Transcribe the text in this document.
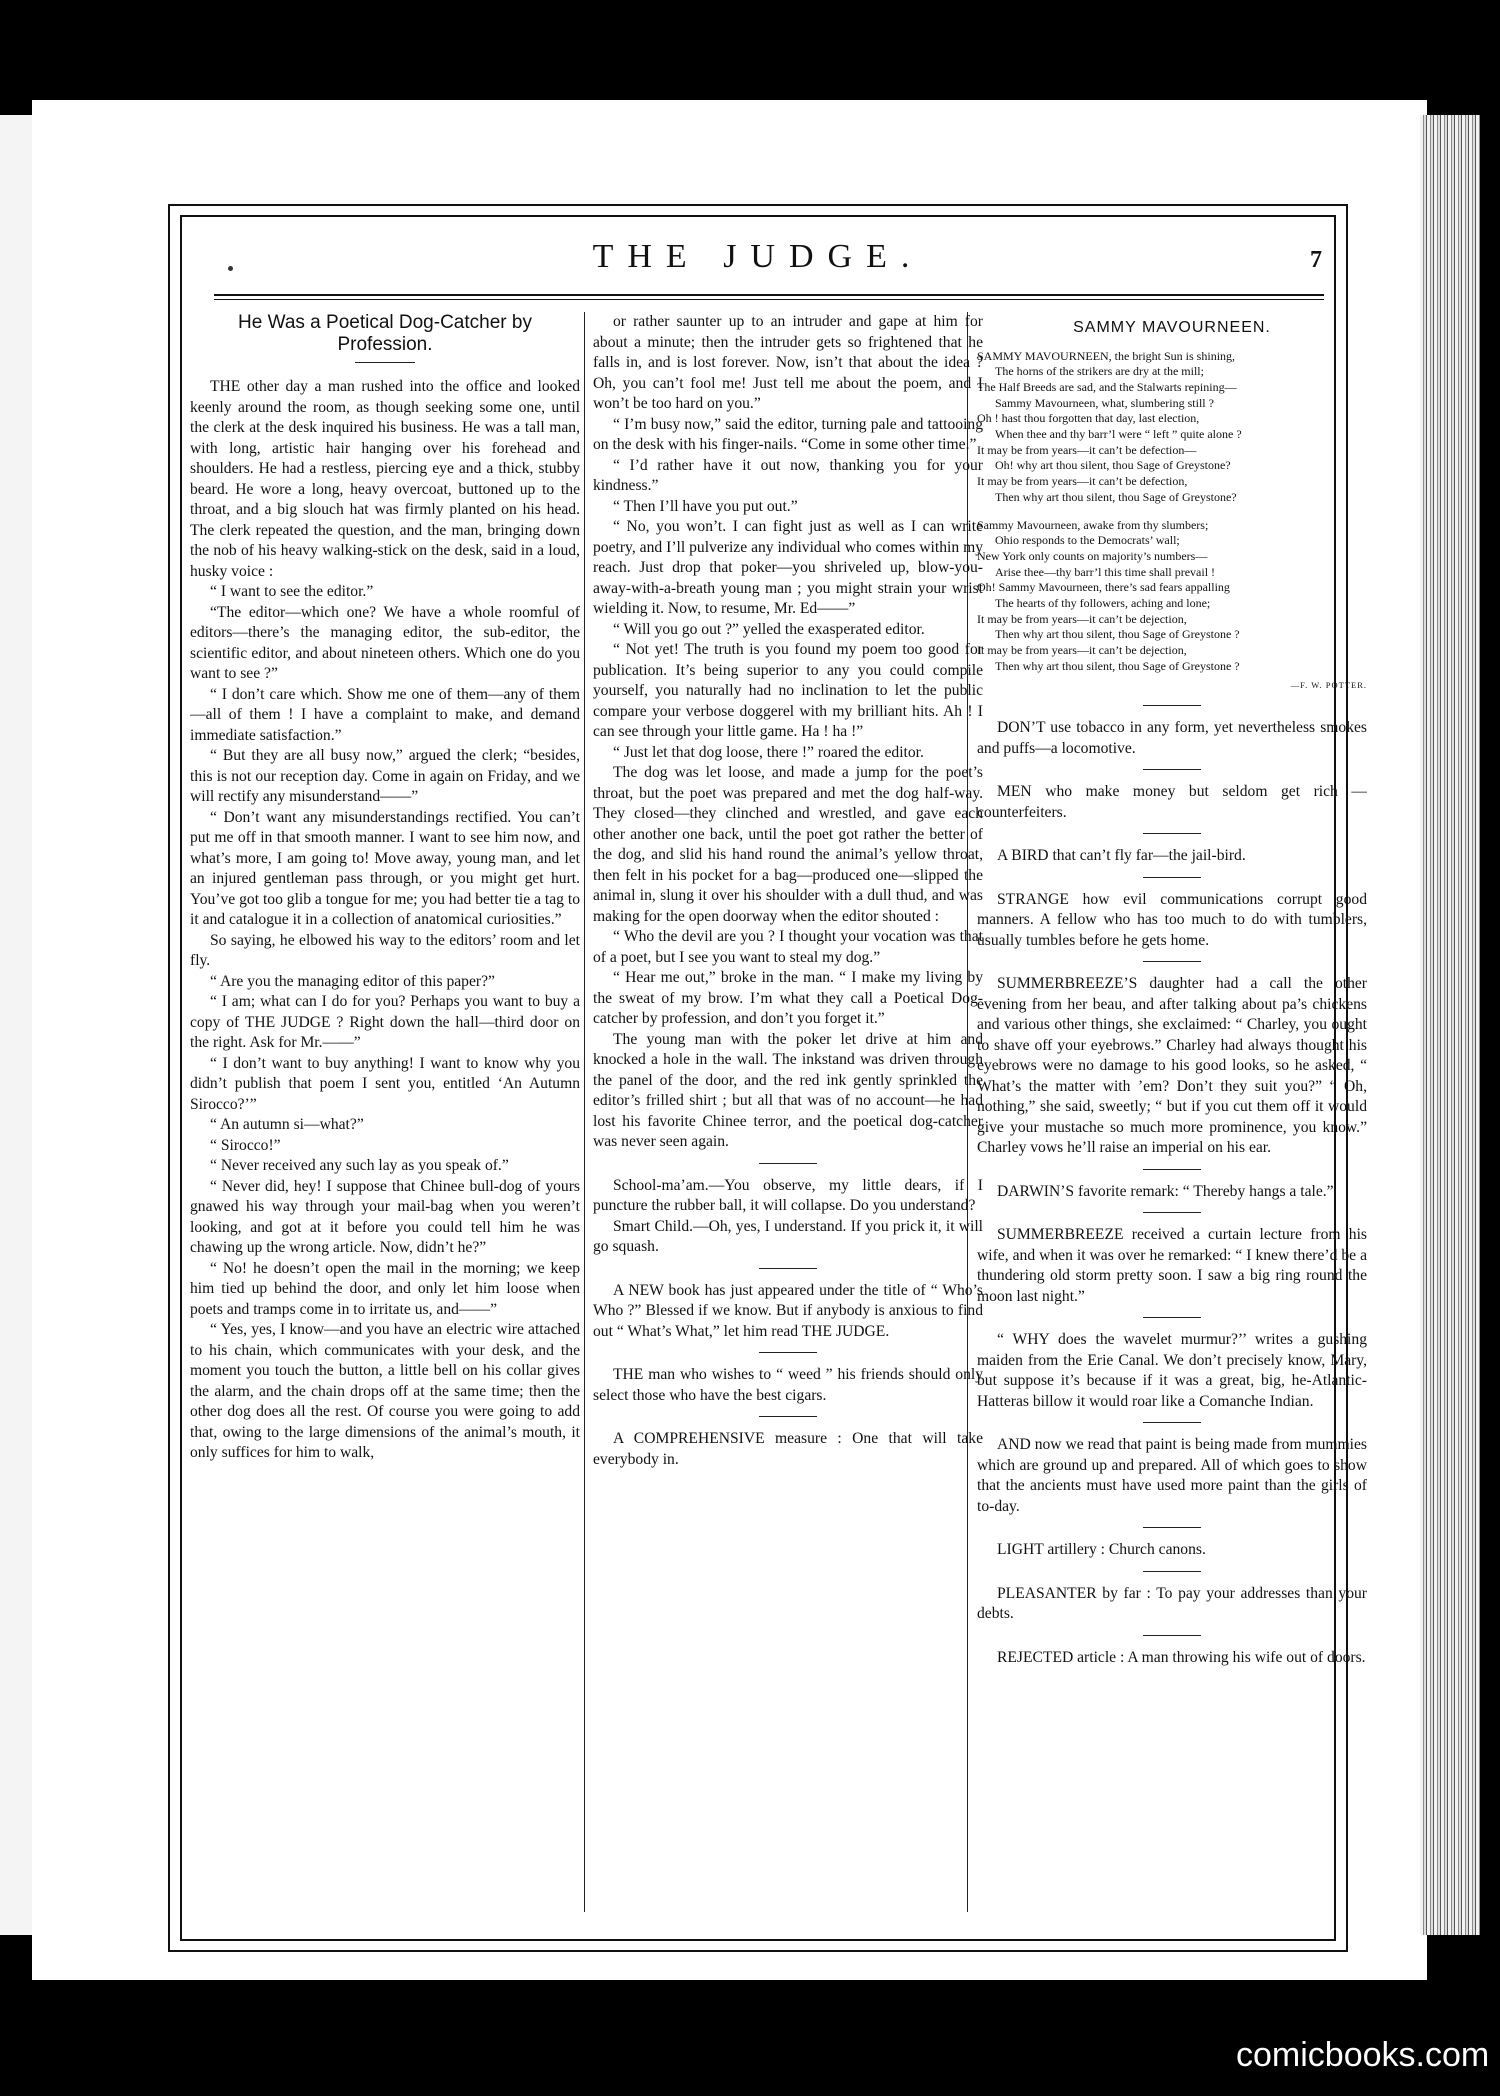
THE JUDGE.	7
He Was a Poetical Dog-Catcher by Profession.

THE other day a man rushed into the office and looked keenly around the room, as though seeking some one, until the clerk at the desk inquired his business. He was a tall man, with long, artistic hair hanging over his forehead and shoulders. He had a restless, piercing eye and a thick, stubby beard. He wore a long, heavy overcoat, buttoned up to the throat, and a big slouch hat was firmly planted on his head. The clerk repeated the question, and the man, bringing down the nob of his heavy walking-stick on the desk, said in a loud, husky voice :

“ I want to see the editor.”

“The editor—which one? We have a whole roomful of editors—there’s the managing editor, the sub-editor, the scientific editor, and about nineteen others. Which one do you want to see ?”

“ I don’t care which. Show me one of them—any of them—all of them ! I have a complaint to make, and demand immediate satisfaction.”

“ But they are all busy now,” argued the clerk; “besides, this is not our reception day. Come in again on Friday, and we will rectify any misunderstand——”

“ Don’t want any misunderstandings rectified. You can’t put me off in that smooth manner. I want to see him now, and what’s more, I am going to! Move away, young man, and let an injured gentleman pass through, or you might get hurt. You’ve got too glib a tongue for me; you had better tie a tag to it and catalogue it in a collection of anatomical curiosities.”

So saying, he elbowed his way to the editors’ room and let fly.

“ Are you the managing editor of this paper?”

“ I am; what can I do for you? Perhaps you want to buy a copy of THE JUDGE ? Right down the hall—third door on the right. Ask for Mr.——”

“ I don’t want to buy anything! I want to know why you didn’t publish that poem I sent you, entitled ‘An Autumn Sirocco?’”

“ An autumn si—what?”

“ Sirocco!”

“ Never received any such lay as you speak of.”

“ Never did, hey! I suppose that Chinee bull-dog of yours gnawed his way through your mail-bag when you weren’t looking, and got at it before you could tell him he was chawing up the wrong article. Now, didn’t he?”

“ No! he doesn’t open the mail in the morning; we keep him tied up behind the door, and only let him loose when poets and tramps come in to irritate us, and——”

“ Yes, yes, I know—and you have an electric wire attached to his chain, which communicates with your desk, and the moment you touch the button, a little bell on his collar gives the alarm, and the chain drops off at the same time; then the other dog does all the rest. Of course you were going to add that, owing to the large dimensions of the animal’s mouth, it only suffices for him to walk,

or rather saunter up to an intruder and gape at him for about a minute; then the intruder gets so frightened that he falls in, and is lost forever. Now, isn’t that about the idea ? Oh, you can’t fool me! Just tell me about the poem, and I won’t be too hard on you.”

“ I’m busy now,” said the editor, turning pale and tattooing on the desk with his finger-nails. “Come in some other time.”

“ I’d rather have it out now, thanking you for your kindness.”

“ Then I’ll have you put out.”

“ No, you won’t. I can fight just as well as I can write poetry, and I’ll pulverize any individual who comes within my reach. Just drop that poker—you shriveled up, blow-you-away-with-a-breath young man ; you might strain your wrist wielding it. Now, to resume, Mr. Ed——”

“ Will you go out ?” yelled the exasperated editor.

“ Not yet! The truth is you found my poem too good for publication. It’s being superior to any you could compile yourself, you naturally had no inclination to let the public compare your verbose doggerel with my brilliant hits. Ah ! I can see through your little game. Ha ! ha !”

“ Just let that dog loose, there !” roared the editor.

The dog was let loose, and made a jump for the poet’s throat, but the poet was prepared and met the dog half-way. They closed—they clinched and wrestled, and gave each other another one back, until the poet got rather the better of the dog, and slid his hand round the animal’s yellow throat, then felt in his pocket for a bag—produced one—slipped the animal in, slung it over his shoulder with a dull thud, and was making for the open doorway when the editor shouted :

“ Who the devil are you ? I thought your vocation was that of a poet, but I see you want to steal my dog.”

“ Hear me out,” broke in the man. “ I make my living by the sweat of my brow. I’m what they call a Poetical Dog-catcher by profession, and don’t you forget it.”

The young man with the poker let drive at him and knocked a hole in the wall. The inkstand was driven through the panel of the door, and the red ink gently sprinkled the editor’s frilled shirt ; but all that was of no account—he had lost his favorite Chinee terror, and the poetical dog-catcher was never seen again.

School-ma’am.—You observe, my little dears, if I puncture the rubber ball, it will collapse. Do you understand?

Smart Child.—Oh, yes, I understand. If you prick it, it will go squash.

A NEW book has just appeared under the title of “ Who’s Who ?” Blessed if we know. But if anybody is anxious to find out “ What’s What,” let him read THE JUDGE.

THE man who wishes to “ weed ” his friends should only select those who have the best cigars.

A COMPREHENSIVE measure : One that will take everybody in.

SAMMY MAVOURNEEN.
SAMMY MAVOURNEEN, the bright Sun is shining,
The horns of the strikers are dry at the mill;
The Half Breeds are sad, and the Stalwarts repining—
Sammy Mavourneen, what, slumbering still ?
Oh ! hast thou forgotten that day, last election,
When thee and thy barr’l were “ left ” quite alone ?
It may be from years—it can’t be defection—
Oh! why art thou silent, thou Sage of Greystone?
It may be from years—it can’t be defection,
Then why art thou silent, thou Sage of Greystone?
Sammy Mavourneen, awake from thy slumbers;
Ohio responds to the Democrats’ wall;
New York only counts on majority’s numbers—
Arise thee—thy barr’l this time shall prevail !
Oh! Sammy Mavourneen, there’s sad fears appalling
The hearts of thy followers, aching and lone;
It may be from years—it can’t be dejection,
Then why art thou silent, thou Sage of Greystone ?
It may be from years—it can’t be dejection,
Then why art thou silent, thou Sage of Greystone ?
—F. W. POTTER.

DON’T use tobacco in any form, yet nevertheless smokes and puffs—a locomotive.

MEN who make money but seldom get rich —counterfeiters.

A BIRD that can’t fly far—the jail-bird.

STRANGE how evil communications corrupt good manners. A fellow who has too much to do with tumblers, usually tumbles before he gets home.

SUMMERBREEZE’S daughter had a call the other evening from her beau, and after talking about pa’s chickens and various other things, she exclaimed: “ Charley, you ought to shave off your eyebrows.” Charley had always thought his eyebrows were no damage to his good looks, so he asked, “ What’s the matter with ’em? Don’t they suit you?” “ Oh, nothing,” she said, sweetly; “ but if you cut them off it would give your mustache so much more prominence, you know.” Charley vows he’ll raise an imperial on his ear.

DARWIN’S favorite remark: “ Thereby hangs a tale.”

SUMMERBREEZE received a curtain lecture from his wife, and when it was over he remarked: “ I knew there’d be a thundering old storm pretty soon. I saw a big ring round the moon last night.”

“ WHY does the wavelet murmur?’’ writes a gushing maiden from the Erie Canal. We don’t precisely know, Mary, but suppose it’s because if it was a great, big, he-Atlantic-Hatteras billow it would roar like a Comanche Indian.

AND now we read that paint is being made from mummies which are ground up and prepared. All of which goes to show that the ancients must have used more paint than the girls of to-day.

LIGHT artillery : Church canons.

PLEASANTER by far : To pay your addresses than your debts.

REJECTED article : A man throwing his wife out of doors.

comicbooks.com
